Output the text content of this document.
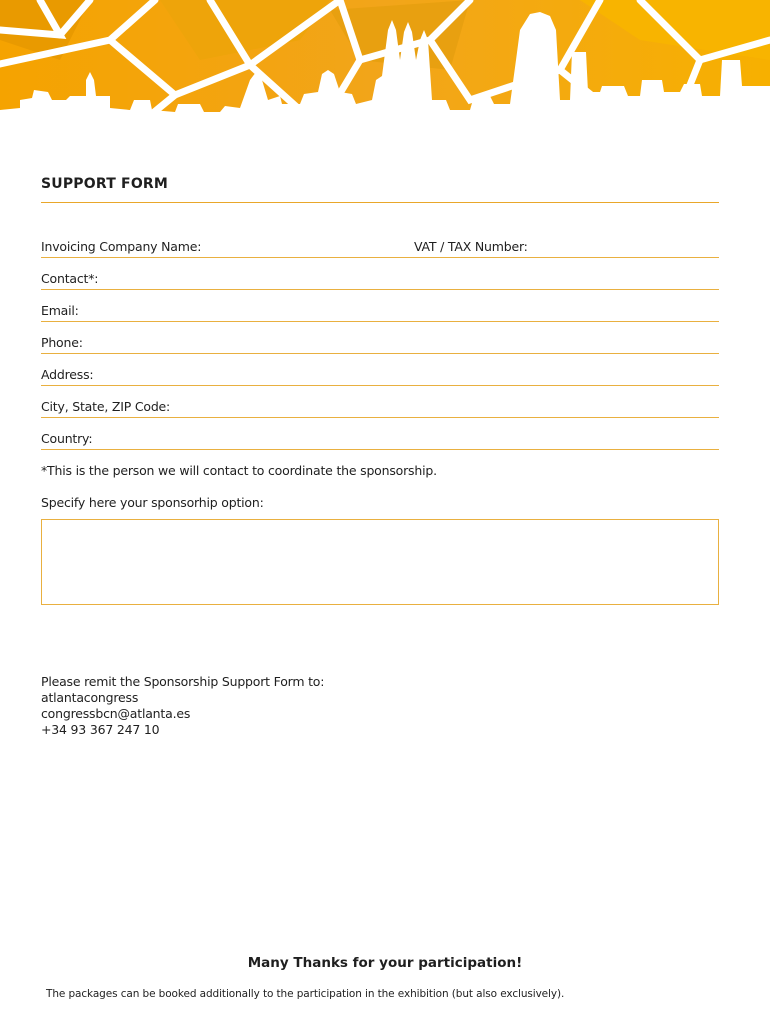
SUPPORT FORM
Invoicing Company Name:	VAT / TAX Number:
Contact*:
Email:
Phone:
Address:
City, State, ZIP Code:
Country:
*This is the person we will contact to coordinate the sponsorship.
Specify here your sponsorhip option:
Please remit the Sponsorship Support Form to:
atlantacongress
congressbcn@atlanta.es
+34 93 367 247 10
Many Thanks for your participation!
The packages can be booked additionally to the participation in the exhibition (but also exclusively).
